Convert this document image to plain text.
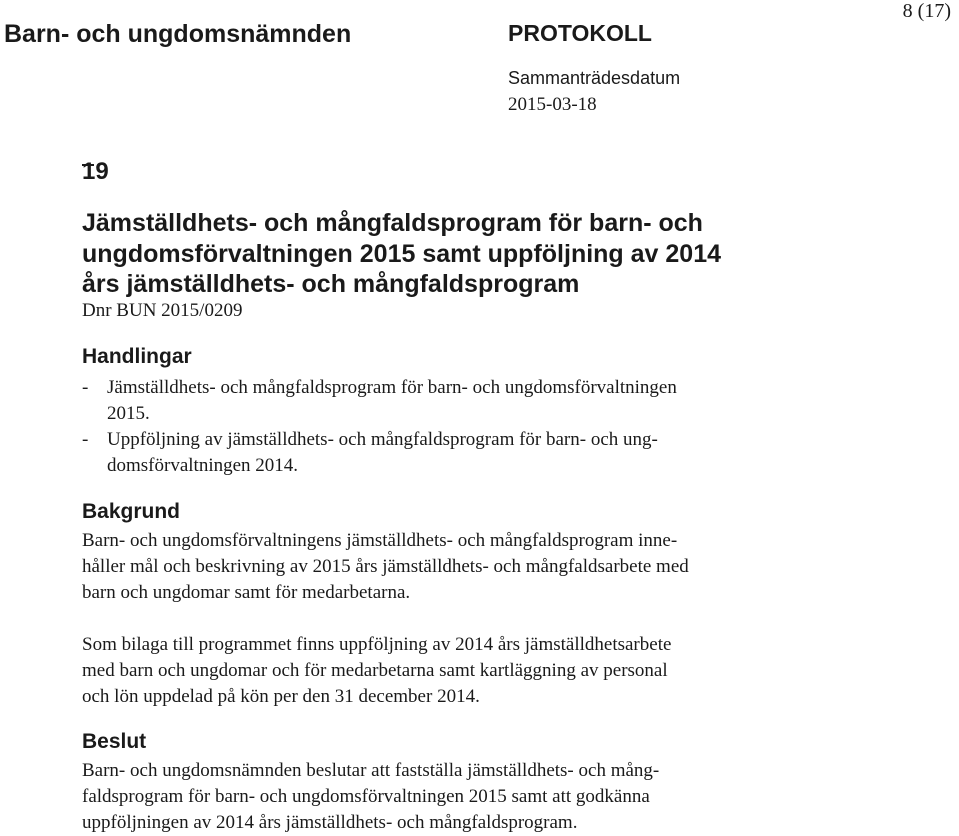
Barn- och ungdomsnämnden	PROTOKOLL
8 (17)
Sammanträdesdatum
2015-03-18
19
Jämställdhets- och mångfaldsprogram för barn- och
ungdomsförvaltningen 2015 samt uppföljning av 2014
års jämställdhets- och mångfaldsprogram
Dnr BUN 2015/0209
Handlingar
- Jämställdhets- och mångfaldsprogram för barn- och ungdomsförvaltningen
2015.
- Uppföljning av jämställdhets- och mångfaldsprogram för barn- och ung-
domsförvaltningen 2014.
Bakgrund
Barn- och ungdomsförvaltningens jämställdhets- och mångfaldsprogram inne-
håller mål och beskrivning av 2015 års jämställdhets- och mångfaldsarbete med
barn och ungdomar samt för medarbetarna.
Som bilaga till programmet finns uppföljning av 2014 års jämställdhetsarbete
med barn och ungdomar och för medarbetarna samt kartläggning av personal
och lön uppdelad på kön per den 31 december 2014.
Beslut
Barn- och ungdomsnämnden beslutar att fastställa jämställdhets- och mång-
faldsprogram för barn- och ungdomsförvaltningen 2015 samt att godkänna
uppföljningen av 2014 års jämställdhets- och mångfaldsprogram.
